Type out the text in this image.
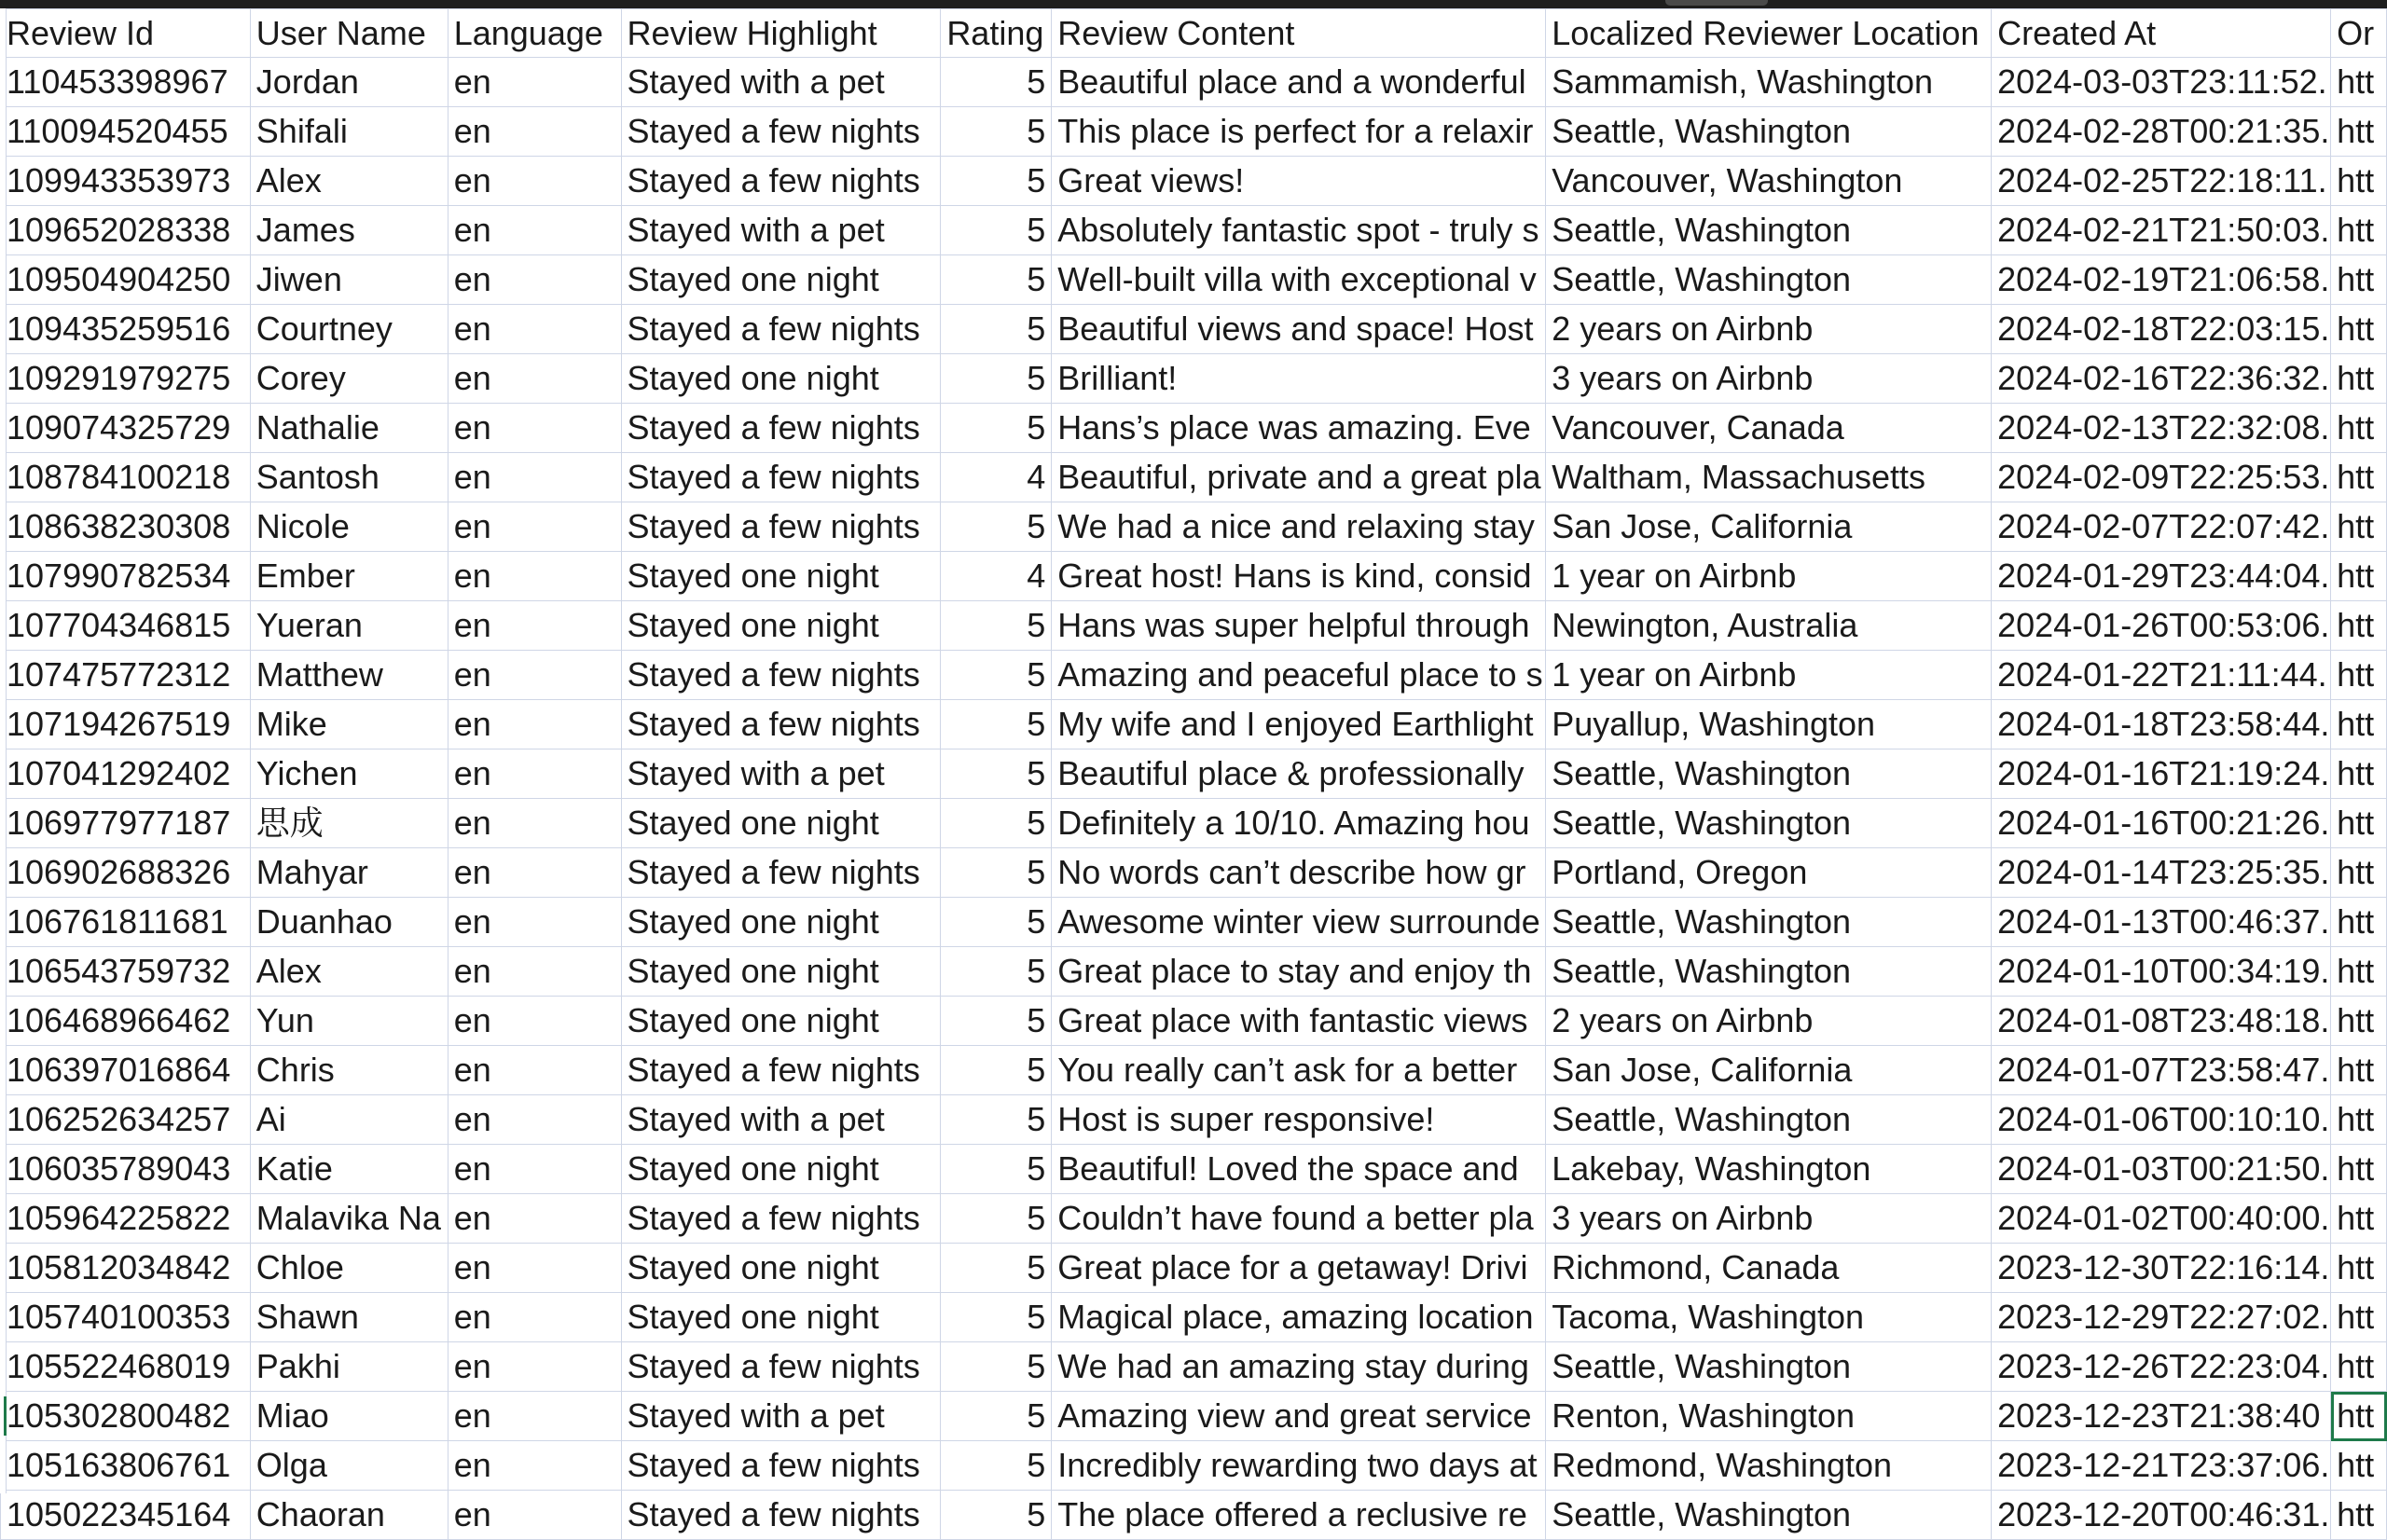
Review Id	User Name	Language	Review Highlight	Rating	Review Content	Localized Reviewer Location	Created At	Or
110453398967	Jordan	en	Stayed with a pet	5	Beautiful place and a wonderful	Sammamish, Washington	2024-03-03T23:11:52.	htt
110094520455	Shifali	en	Stayed a few nights	5	This place is perfect for a relaxir	Seattle, Washington	2024-02-28T00:21:35.	htt
109943353973	Alex	en	Stayed a few nights	5	Great views!	Vancouver, Washington	2024-02-25T22:18:11.	htt
109652028338	James	en	Stayed with a pet	5	Absolutely fantastic spot - truly s	Seattle, Washington	2024-02-21T21:50:03.	htt
109504904250	Jiwen	en	Stayed one night	5	Well-built villa with exceptional v	Seattle, Washington	2024-02-19T21:06:58.	htt
109435259516	Courtney	en	Stayed a few nights	5	Beautiful views and space! Host	2 years on Airbnb	2024-02-18T22:03:15.	htt
109291979275	Corey	en	Stayed one night	5	Brilliant!	3 years on Airbnb	2024-02-16T22:36:32.	htt
109074325729	Nathalie	en	Stayed a few nights	5	Hans’s place was amazing. Eve	Vancouver, Canada	2024-02-13T22:32:08.	htt
108784100218	Santosh	en	Stayed a few nights	4	Beautiful, private and a great pla	Waltham, Massachusetts	2024-02-09T22:25:53.	htt
108638230308	Nicole	en	Stayed a few nights	5	We had a nice and relaxing stay	San Jose, California	2024-02-07T22:07:42.	htt
107990782534	Ember	en	Stayed one night	4	Great host! Hans is kind, consid	1 year on Airbnb	2024-01-29T23:44:04.	htt
107704346815	Yueran	en	Stayed one night	5	Hans was super helpful through	Newington, Australia	2024-01-26T00:53:06.	htt
107475772312	Matthew	en	Stayed a few nights	5	Amazing and peaceful place to s	1 year on Airbnb	2024-01-22T21:11:44.	htt
107194267519	Mike	en	Stayed a few nights	5	My wife and I enjoyed Earthlight	Puyallup, Washington	2024-01-18T23:58:44.	htt
107041292402	Yichen	en	Stayed with a pet	5	Beautiful place & professionally	Seattle, Washington	2024-01-16T21:19:24.	htt
106977977187	思成	en	Stayed one night	5	Definitely a 10/10. Amazing hou	Seattle, Washington	2024-01-16T00:21:26.	htt
106902688326	Mahyar	en	Stayed a few nights	5	No words can’t describe how gr	Portland, Oregon	2024-01-14T23:25:35.	htt
106761811681	Duanhao	en	Stayed one night	5	Awesome winter view surrounde	Seattle, Washington	2024-01-13T00:46:37.	htt
106543759732	Alex	en	Stayed one night	5	Great place to stay and enjoy th	Seattle, Washington	2024-01-10T00:34:19.	htt
106468966462	Yun	en	Stayed one night	5	Great place with fantastic views	2 years on Airbnb	2024-01-08T23:48:18.	htt
106397016864	Chris	en	Stayed a few nights	5	You really can’t ask for a better	San Jose, California	2024-01-07T23:58:47.	htt
106252634257	Ai	en	Stayed with a pet	5	Host is super responsive!	Seattle, Washington	2024-01-06T00:10:10.	htt
106035789043	Katie	en	Stayed one night	5	Beautiful! Loved the space and	Lakebay, Washington	2024-01-03T00:21:50.	htt
105964225822	Malavika Na	en	Stayed a few nights	5	Couldn’t have found a better pla	3 years on Airbnb	2024-01-02T00:40:00.	htt
105812034842	Chloe	en	Stayed one night	5	Great place for a getaway! Drivi	Richmond, Canada	2023-12-30T22:16:14.	htt
105740100353	Shawn	en	Stayed one night	5	Magical place, amazing location	Tacoma, Washington	2023-12-29T22:27:02.	htt
105522468019	Pakhi	en	Stayed a few nights	5	We had an amazing stay during	Seattle, Washington	2023-12-26T22:23:04.	htt
105302800482	Miao	en	Stayed with a pet	5	Amazing view and great service	Renton, Washington	2023-12-23T21:38:40	htt
105163806761	Olga	en	Stayed a few nights	5	Incredibly rewarding two days at	Redmond, Washington	2023-12-21T23:37:06.	htt
105022345164	Chaoran	en	Stayed a few nights	5	The place offered a reclusive re	Seattle, Washington	2023-12-20T00:46:31.	htt
